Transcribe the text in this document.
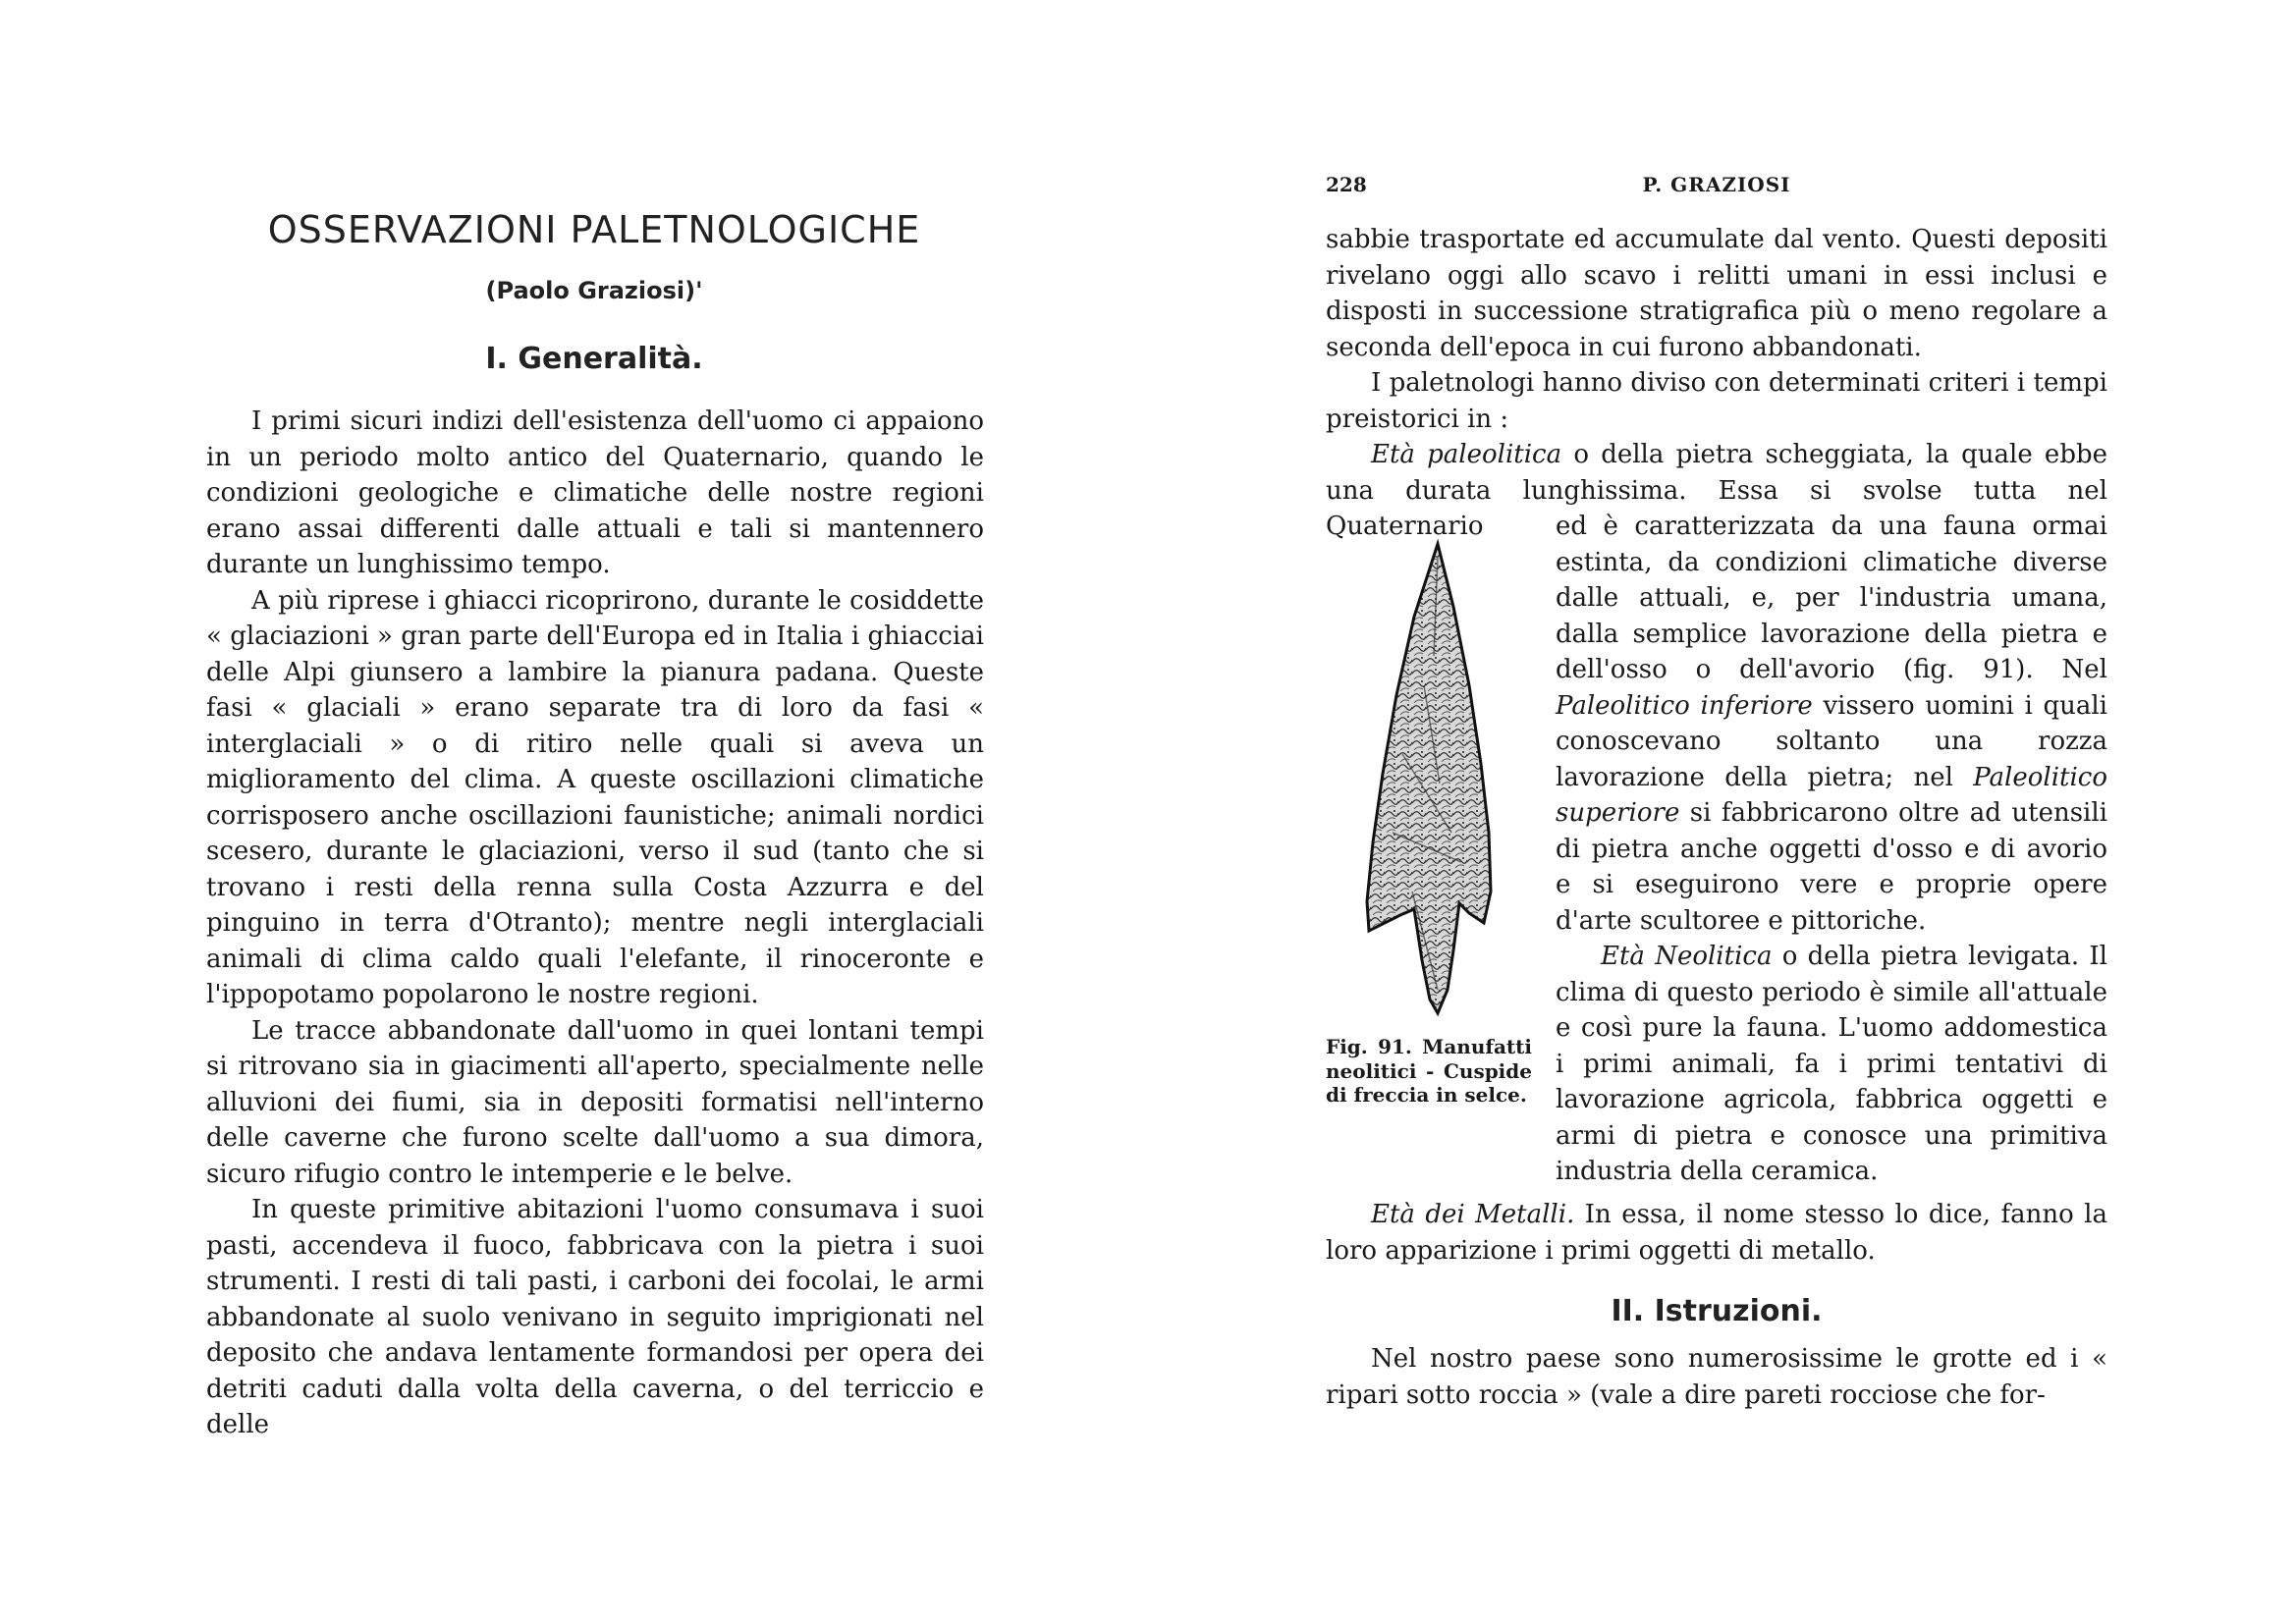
OSSERVAZIONI PALETNOLOGICHE
(Paolo Graziosi)'
I. Generalità.

I primi sicuri indizi dell'esistenza dell'uomo ci appaiono in un periodo molto antico del Quaternario, quando le condizioni geologiche e climatiche delle nostre regioni erano assai differenti dalle attuali e tali si mantennero durante un lunghissimo tempo.

A più riprese i ghiacci ricoprirono, durante le cosiddette « glaciazioni » gran parte dell'Europa ed in Italia i ghiacciai delle Alpi giunsero a lambire la pianura padana. Queste fasi « glaciali » erano separate tra di loro da fasi « interglaciali » o di ritiro nelle quali si aveva un miglioramento del clima. A queste oscillazioni climatiche corrisposero anche oscillazioni faunistiche; animali nordici scesero, durante le glaciazioni, verso il sud (tanto che si trovano i resti della renna sulla Costa Azzurra e del pinguino in terra d'Otranto); mentre negli interglaciali animali di clima caldo quali l'elefante, il rinoceronte e l'ippopotamo popolarono le nostre regioni.

Le tracce abbandonate dall'uomo in quei lontani tempi si ritrovano sia in giacimenti all'aperto, specialmente nelle alluvioni dei fiumi, sia in depositi formatisi nell'interno delle caverne che furono scelte dall'uomo a sua dimora, sicuro rifugio contro le intemperie e le belve.

In queste primitive abitazioni l'uomo consumava i suoi pasti, accendeva il fuoco, fabbricava con la pietra i suoi strumenti. I resti di tali pasti, i carboni dei focolai, le armi abbandonate al suolo venivano in seguito imprigionati nel deposito che andava lentamente formandosi per opera dei detriti caduti dalla volta della caverna, o del terriccio e delle

228	P. GRAZIOSI

sabbie trasportate ed accumulate dal vento. Questi depositi rivelano oggi allo scavo i relitti umani in essi inclusi e disposti in successione stratigrafica più o meno regolare a seconda dell'epoca in cui furono abbandonati.

I paletnologi hanno diviso con determinati criteri i tempi preistorici in :

Età paleolitica o della pietra scheggiata, la quale ebbe una durata lunghissima. Essa si svolse tutta nel Quaternario

Fig. 91. Manufatti neolitici - Cuspide di freccia in selce.

ed è caratterizzata da una fauna ormai estinta, da condizioni climatiche diverse dalle attuali, e, per l'industria umana, dalla semplice lavorazione della pietra e dell'osso o dell'avorio (fig. 91). Nel Paleolitico inferiore vissero uomini i quali conoscevano soltanto una rozza lavorazione della pietra; nel Paleolitico superiore si fabbricarono oltre ad utensili di pietra anche oggetti d'osso e di avorio e si eseguirono vere e proprie opere d'arte scultoree e pittoriche.

Età Neolitica o della pietra levigata. Il clima di questo periodo è simile all'attuale e così pure la fauna. L'uomo addomestica i primi animali, fa i primi tentativi di lavorazione agricola, fabbrica oggetti e armi di pietra e conosce una primitiva industria della ceramica.

Età dei Metalli. In essa, il nome stesso lo dice, fanno la loro apparizione i primi oggetti di metallo.

II. Istruzioni.

Nel nostro paese sono numerosissime le grotte ed i « ripari sotto roccia » (vale a dire pareti rocciose che for-
